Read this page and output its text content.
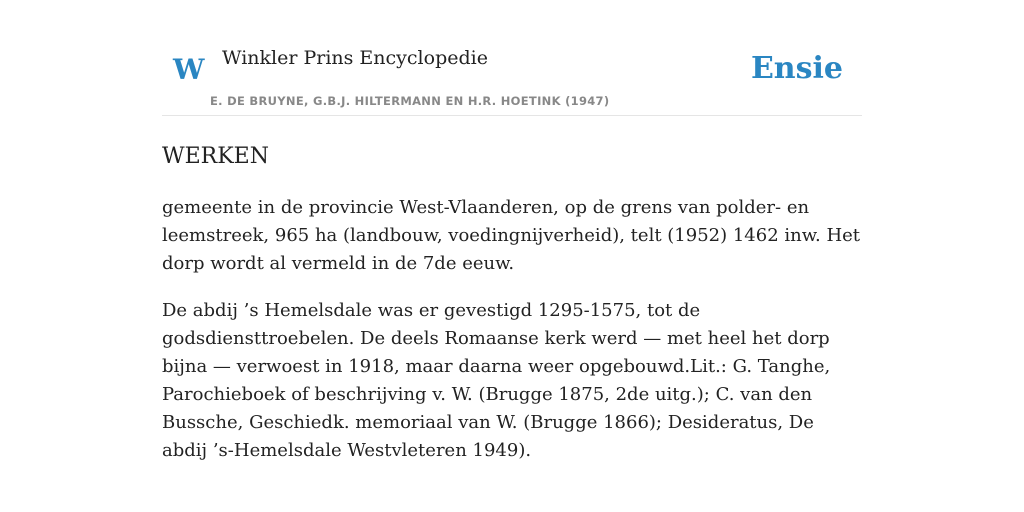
W Winkler Prins Encyclopedie
E. DE BRUYNE, G.B.J. HILTERMANN EN H.R. HOETINK (1947)
Ensie
WERKEN

gemeente in de provincie West-Vlaanderen, op de grens van polder- en leemstreek, 965 ha (landbouw, voedingnijverheid), telt (1952) 1462 inw. Het dorp wordt al vermeld in de 7de eeuw.

De abdij ’s Hemelsdale was er gevestigd 1295-1575, tot de godsdiensttroebelen. De deels Romaanse kerk werd — met heel het dorp bijna — verwoest in 1918, maar daarna weer opgebouwd.Lit.: G. Tanghe, Parochieboek of beschrijving v. W. (Brugge 1875, 2de uitg.); C. van den Bussche, Geschiedk. memoriaal van W. (Brugge 1866); Desideratus, De abdij ’s-Hemelsdale Westvleteren 1949).
